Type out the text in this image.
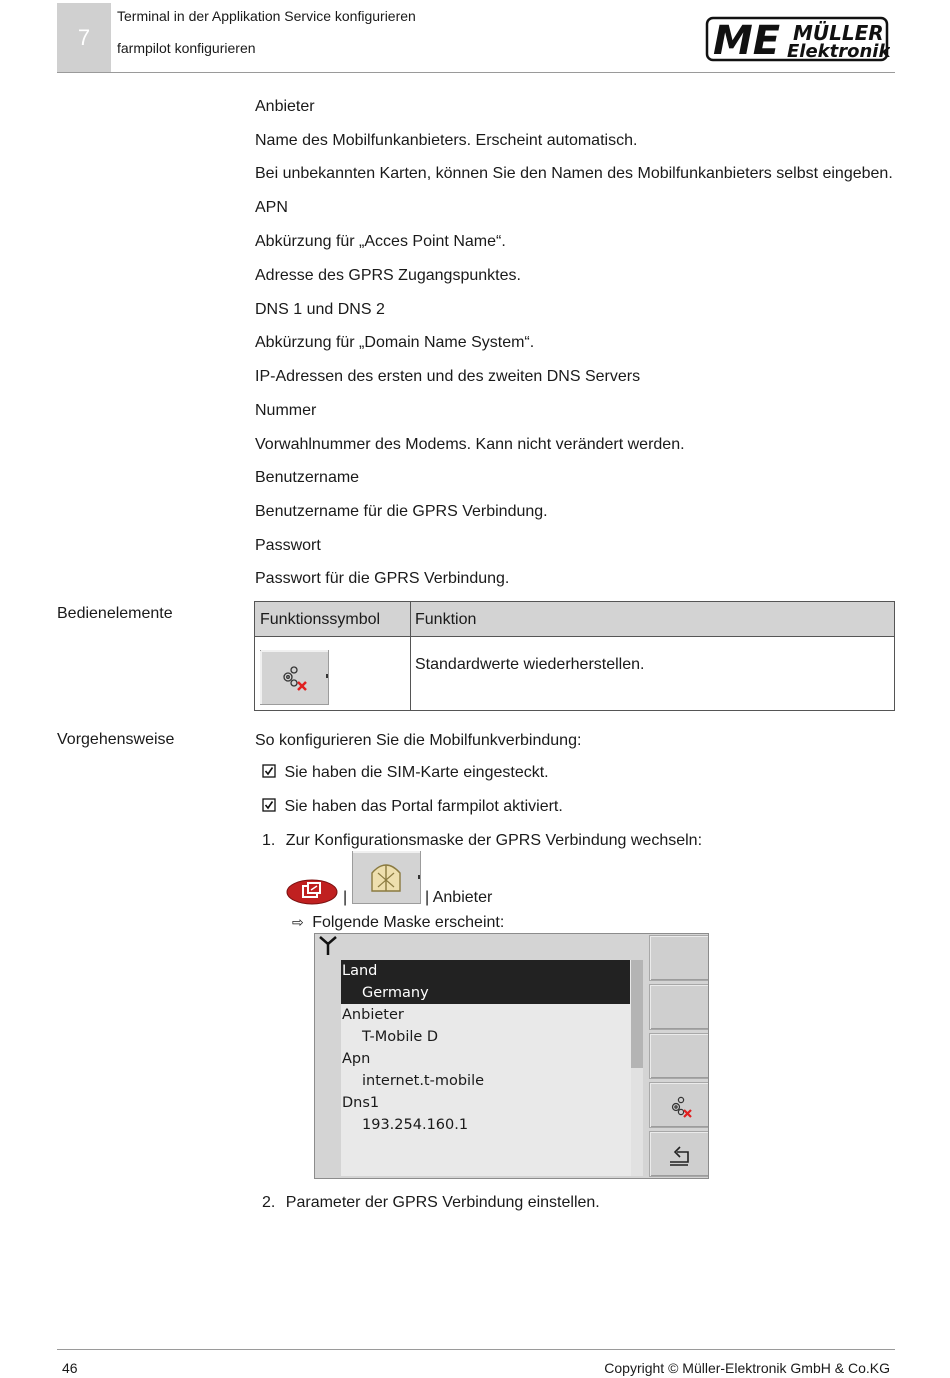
7
Terminal in der Applikation Service konfigurieren
farmpilot konfigurieren	ME MÜLLER
Elektronik
Anbieter
Name des Mobilfunkanbieters. Erscheint automatisch.
Bei unbekannten Karten, können Sie den Namen des Mobilfunkanbieters selbst eingeben.
APN
Abkürzung für „Acces Point Name“.
Adresse des GPRS Zugangspunktes.
DNS 1 und DNS 2
Abkürzung für „Domain Name System“.
IP-Adressen des ersten und des zweiten DNS Servers
Nummer
Vorwahlnummer des Modems. Kann nicht verändert werden.
Benutzername
Benutzername für die GPRS Verbindung.
Passwort
Passwort für die GPRS Verbindung.
Bedienelemente	Funktionssymbol Funktion
Standardwerte wiederherstellen.
Vorgehensweise	So konfigurieren Sie die Mobilfunkverbindung:
Sie haben die SIM-Karte eingesteckt.
Sie haben das Portal farmpilot aktiviert.
1. Zur Konfigurationsmaske der GPRS Verbindung wechseln:
|	| Anbieter
⇨ Folgende Maske erscheint:
Land
Germany
Anbieter
T-Mobile D
Apn
internet.t-mobile
Dns1
193.254.160.1
2. Parameter der GPRS Verbindung einstellen.
46	Copyright © Müller-Elektronik GmbH & Co.KG
